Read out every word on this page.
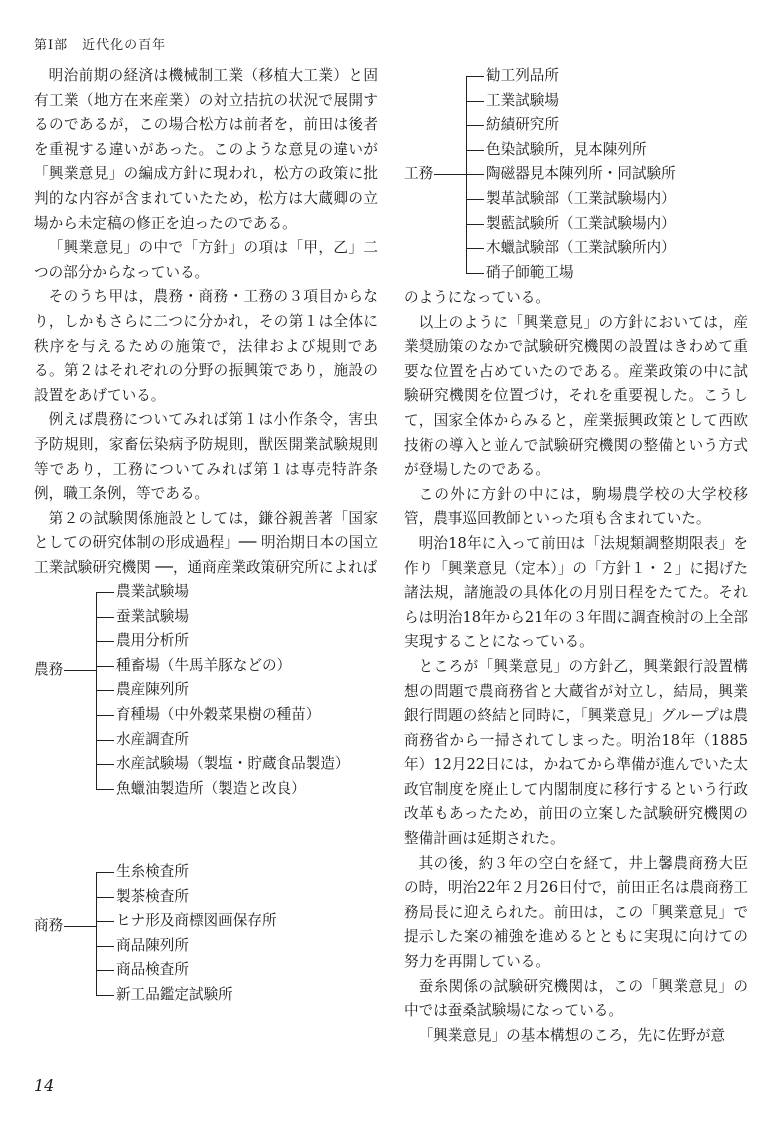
第Ⅰ部　近代化の百年

明治前期の経済は機械制工業（移植大工業）と固有工業（地方在来産業）の対立拮抗の状況で展開するのであるが，この場合松方は前者を，前田は後者を重視する違いがあった。このような意見の違いが「興業意見」の編成方針に現われ，松方の政策に批判的な内容が含まれていたため，松方は大蔵卿の立場から未定稿の修正を迫ったのである。

「興業意見」の中で「方針」の項は「甲，乙」二つの部分からなっている。

そのうち甲は，農務・商務・工務の３項目からなり，しかもさらに二つに分かれ，その第１は全体に秩序を与えるための施策で，法律および規則である。第２はそれぞれの分野の振興策であり，施設の設置をあげている。

例えば農務についてみれば第１は小作条令，害虫予防規則，家畜伝染病予防規則，獣医開業試験規則等であり，工務についてみれば第１は専売特許条例，職工条例，等である。

第２の試験関係施設としては，鎌谷親善著「国家としての研究体制の形成過程」── 明治期日本の国立工業試験研究機関 ──，通商産業政策研究所によれば

農務
農業試験場
蚕業試験場
農用分析所
種畜場（牛馬羊豚などの）
農産陳列所
育種場（中外穀菜果樹の種苗）
水産調査所
水産試験場（製塩・貯蔵食品製造）
魚蠟油製造所（製造と改良）
商務
生糸検査所
製茶検査所
ヒナ形及商標図画保存所
商品陳列所
商品検査所
新工品鑑定試験所
工務
勧工列品所
工業試験場
紡績研究所
色染試験所，見本陳列所
陶磁器見本陳列所・同試験所
製革試験部（工業試験場内）
製藍試験所（工業試験場内）
木蠟試験部（工業試験所内）
硝子師範工場

のようになっている。

以上のように「興業意見」の方針においては，産業奨励策のなかで試験研究機関の設置はきわめて重要な位置を占めていたのである。産業政策の中に試験研究機関を位置づけ，それを重要視した。こうして，国家全体からみると，産業振興政策として西欧技術の導入と並んで試験研究機関の整備という方式が登場したのである。

この外に方針の中には，駒場農学校の大学校移管，農事巡回教師といった項も含まれていた。

明治18年に入って前田は「法規類調整期限表」を作り「興業意見（定本）」の「方針１・２」に掲げた諸法規，諸施設の具体化の月別日程をたてた。それらは明治18年から21年の３年間に調査検討の上全部実現することになっている。

ところが「興業意見」の方針乙，興業銀行設置構想の問題で農商務省と大蔵省が対立し，結局，興業銀行問題の終結と同時に，「興業意見」グループは農商務省から一掃されてしまった。明治18年（1885年）12月22日には，かねてから準備が進んでいた太政官制度を廃止して内閣制度に移行するという行政改革もあったため，前田の立案した試験研究機関の整備計画は延期された。

其の後，約３年の空白を経て，井上馨農商務大臣の時，明治22年２月26日付で，前田正名は農商務工務局長に迎えられた。前田は，この「興業意見」で提示した案の補強を進めるとともに実現に向けての努力を再開している。

蚕糸関係の試験研究機関は，この「興業意見」の中では蚕桑試験場になっている。

「興業意見」の基本構想のころ，先に佐野が意

14
